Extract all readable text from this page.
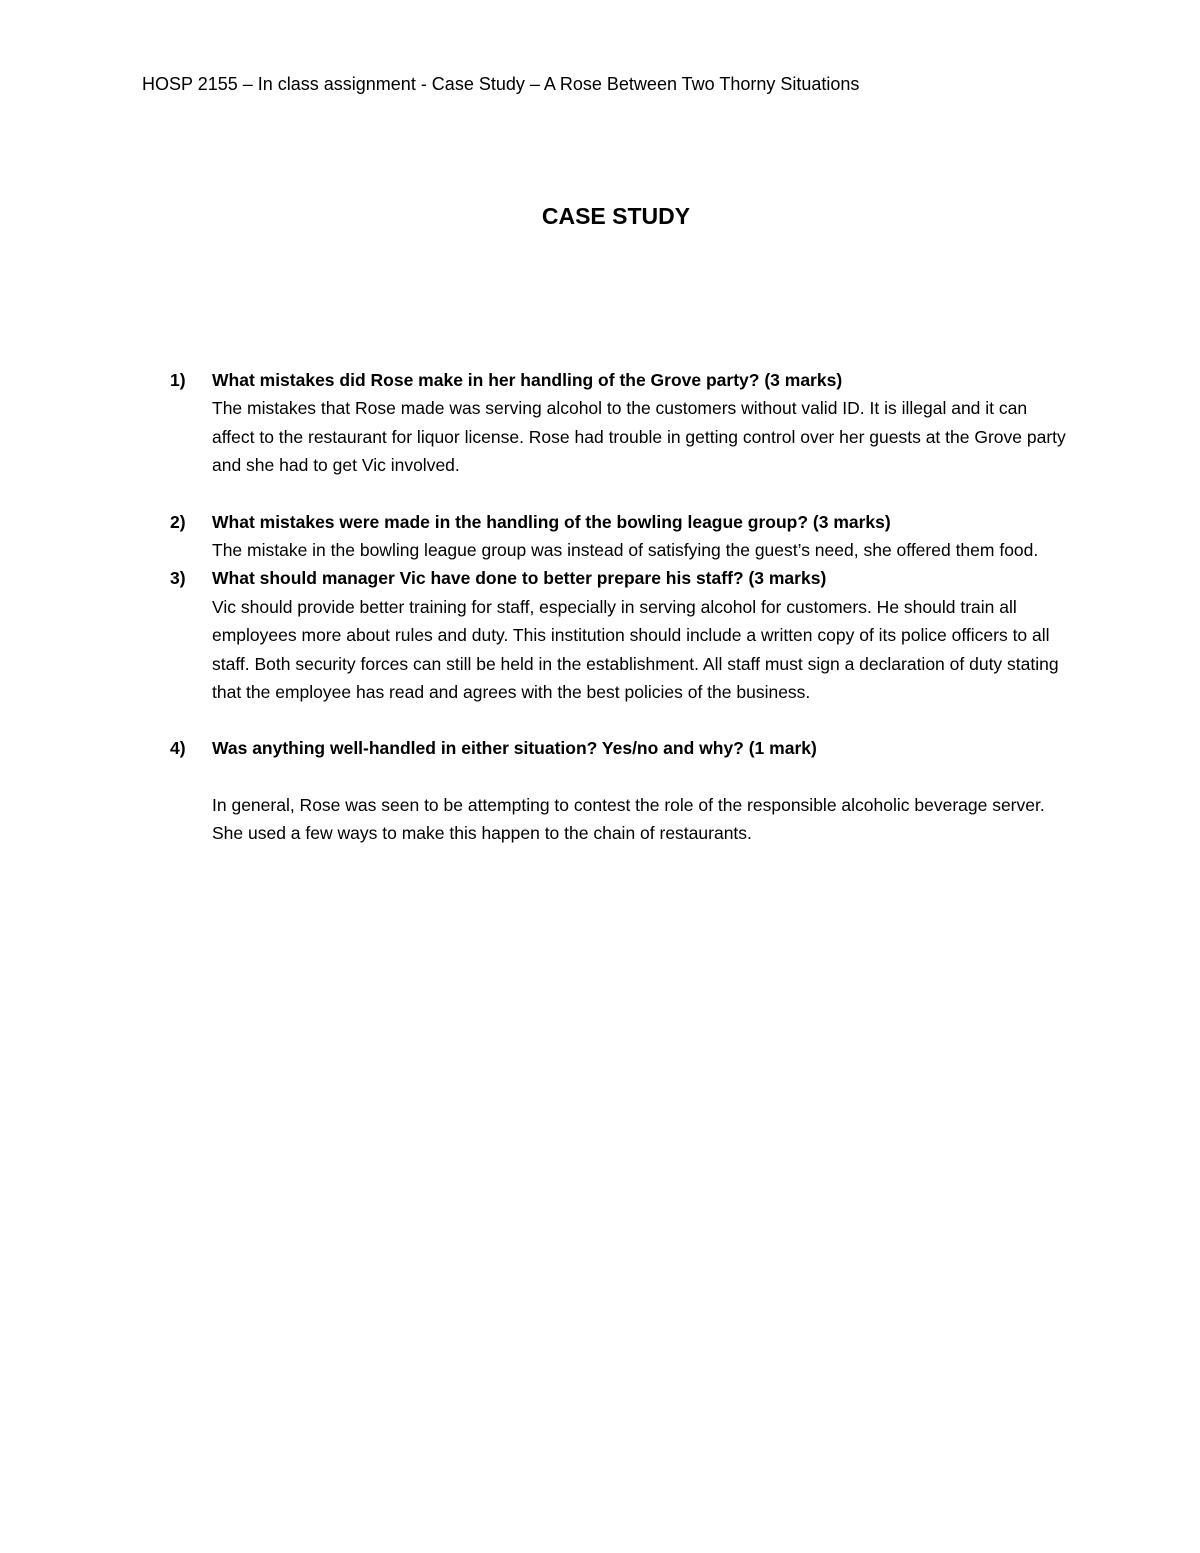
HOSP 2155 – In class assignment - Case Study – A Rose Between Two Thorny Situations
CASE STUDY
1) What mistakes did Rose make in her handling of the Grove party? (3 marks)
The mistakes that Rose made was serving alcohol to the customers without valid ID. It is illegal and it can affect to the restaurant for liquor license. Rose had trouble in getting control over her guests at the Grove party and she had to get Vic involved.
2) What mistakes were made in the handling of the bowling league group? (3 marks)
The mistake in the bowling league group was instead of satisfying the guest’s need, she offered them food.
3) What should manager Vic have done to better prepare his staff? (3 marks)
Vic should provide better training for staff, especially in serving alcohol for customers. He should train all employees more about rules and duty. This institution should include a written copy of its police officers to all staff. Both security forces can still be held in the establishment. All staff must sign a declaration of duty stating that the employee has read and agrees with the best policies of the business.
4) Was anything well-handled in either situation? Yes/no and why? (1 mark)
In general, Rose was seen to be attempting to contest the role of the responsible alcoholic beverage server. She used a few ways to make this happen to the chain of restaurants.
